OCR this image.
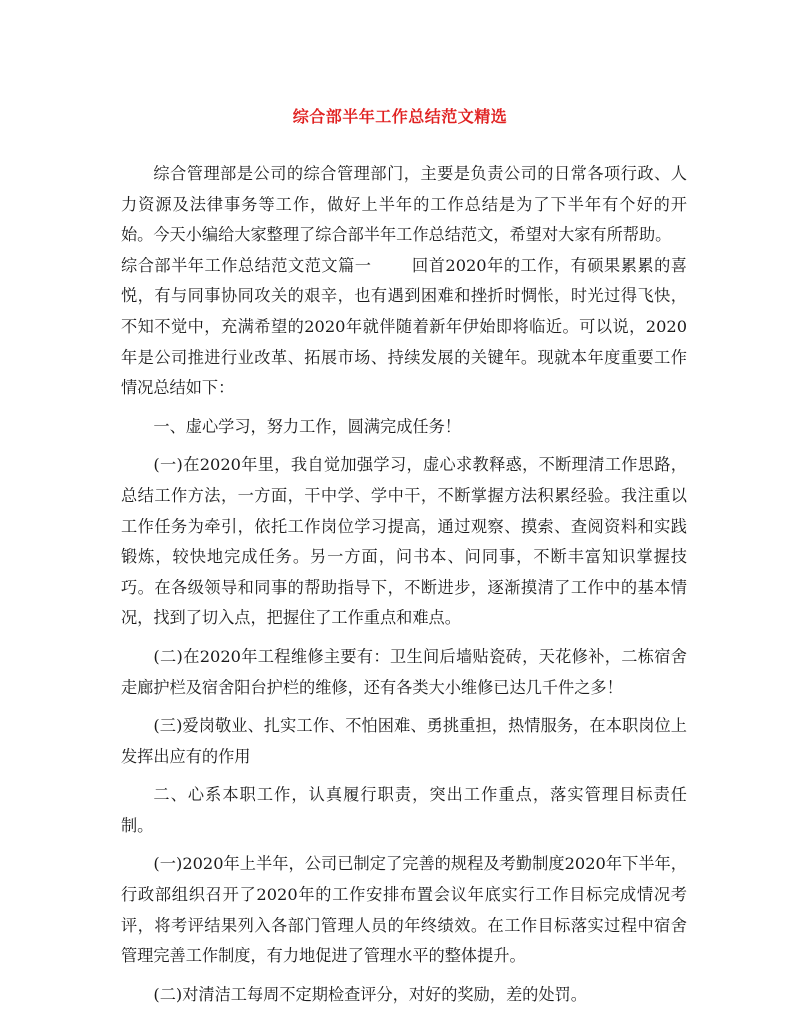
综合部半年工作总结范文精选

综合管理部是公司的综合管理部门，主要是负责公司的日常各项行政、人力资源及法律事务等工作，做好上半年的工作总结是为了下半年有个好的开始。今天小编给大家整理了综合部半年工作总结范文，希望对大家有所帮助。

综合部半年工作总结范文范文篇一 回首2020年的工作，有硕果累累的喜悦，有与同事协同攻关的艰辛，也有遇到困难和挫折时惆怅，时光过得飞快，不知不觉中，充满希望的2020年就伴随着新年伊始即将临近。可以说，2020年是公司推进行业改革、拓展市场、持续发展的关键年。现就本年度重要工作情况总结如下：

一、虚心学习，努力工作，圆满完成任务！

(一)在2020年里，我自觉加强学习，虚心求教释惑，不断理清工作思路，总结工作方法，一方面，干中学、学中干，不断掌握方法积累经验。我注重以工作任务为牵引，依托工作岗位学习提高，通过观察、摸索、查阅资料和实践锻炼，较快地完成任务。另一方面，问书本、问同事，不断丰富知识掌握技巧。在各级领导和同事的帮助指导下，不断进步，逐渐摸清了工作中的基本情况，找到了切入点，把握住了工作重点和难点。

(二)在2020年工程维修主要有：卫生间后墙贴瓷砖，天花修补，二栋宿舍走廊护栏及宿舍阳台护栏的维修，还有各类大小维修已达几千件之多！

(三)爱岗敬业、扎实工作、不怕困难、勇挑重担，热情服务，在本职岗位上发挥出应有的作用

二、心系本职工作，认真履行职责，突出工作重点，落实管理目标责任制。

(一)2020年上半年，公司已制定了完善的规程及考勤制度2020年下半年，行政部组织召开了2020年的工作安排布置会议年底实行工作目标完成情况考评，将考评结果列入各部门管理人员的年终绩效。在工作目标落实过程中宿舍管理完善工作制度，有力地促进了管理水平的整体提升。

(二)对清洁工每周不定期检查评分，对好的奖励，差的处罚。
